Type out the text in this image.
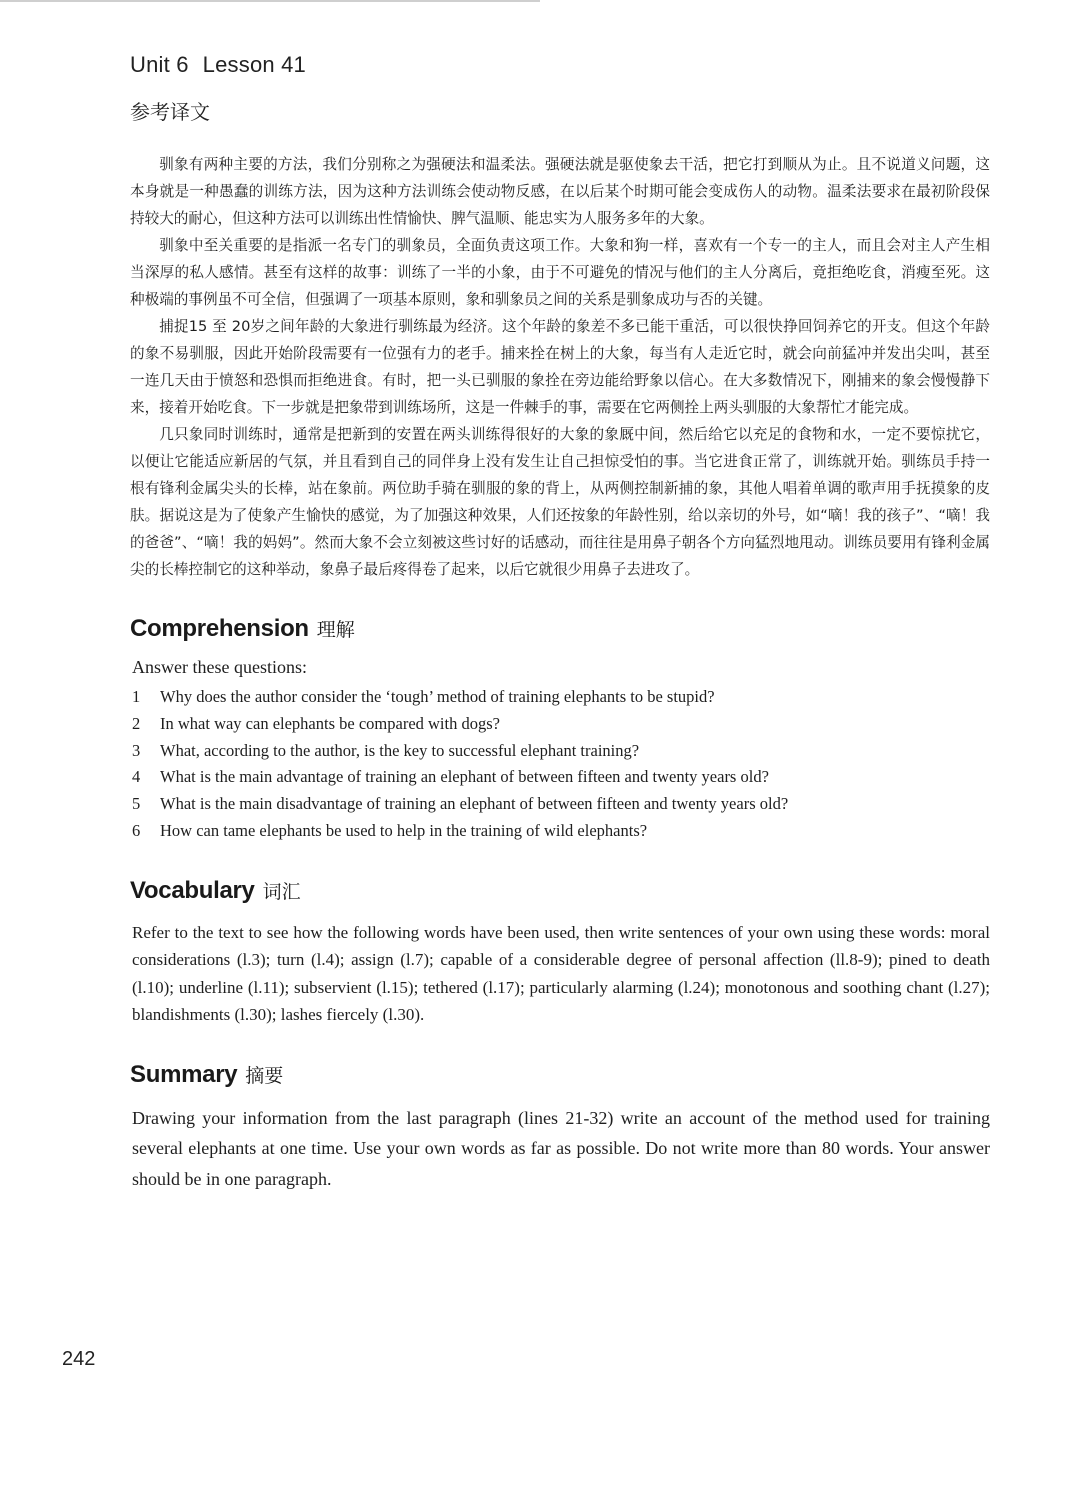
Unit 6 Lesson 41
参考译文

驯象有两种主要的方法，我们分别称之为强硬法和温柔法。强硬法就是驱使象去干活，把它打到顺从为止。且不说道义问题，这本身就是一种愚蠢的训练方法，因为这种方法训练会使动物反感，在以后某个时期可能会变成伤人的动物。温柔法要求在最初阶段保持较大的耐心，但这种方法可以训练出性情愉快、脾气温顺、能忠实为人服务多年的大象。

驯象中至关重要的是指派一名专门的驯象员，全面负责这项工作。大象和狗一样，喜欢有一个专一的主人，而且会对主人产生相当深厚的私人感情。甚至有这样的故事：训练了一半的小象，由于不可避免的情况与他们的主人分离后，竟拒绝吃食，消瘦至死。这种极端的事例虽不可全信，但强调了一项基本原则，象和驯象员之间的关系是驯象成功与否的关键。

捕捉15 至 20岁之间年龄的大象进行驯练最为经济。这个年龄的象差不多已能干重活，可以很快挣回饲养它的开支。但这个年龄的象不易驯服，因此开始阶段需要有一位强有力的老手。捕来拴在树上的大象，每当有人走近它时，就会向前猛冲并发出尖叫，甚至一连几天由于愤怒和恐惧而拒绝进食。有时，把一头已驯服的象拴在旁边能给野象以信心。在大多数情况下，刚捕来的象会慢慢静下来，接着开始吃食。下一步就是把象带到训练场所，这是一件棘手的事，需要在它两侧拴上两头驯服的大象帮忙才能完成。

几只象同时训练时，通常是把新到的安置在两头训练得很好的大象的象厩中间，然后给它以充足的食物和水，一定不要惊扰它，以便让它能适应新居的气氛，并且看到自己的同伴身上没有发生让自己担惊受怕的事。当它进食正常了，训练就开始。驯练员手持一根有锋利金属尖头的长棒，站在象前。两位助手骑在驯服的象的背上，从两侧控制新捕的象，其他人唱着单调的歌声用手抚摸象的皮肤。据说这是为了使象产生愉快的感觉，为了加强这种效果，人们还按象的年龄性别，给以亲切的外号，如“嘀！我的孩子”、“嘀！我的爸爸”、“嘀！我的妈妈”。然而大象不会立刻被这些讨好的话感动，而往往是用鼻子朝各个方向猛烈地甩动。训练员要用有锋利金属尖的长棒控制它的这种举动，象鼻子最后疼得卷了起来，以后它就很少用鼻子去进攻了。

Comprehension 理解
Answer these questions:
1	Why does the author consider the ‘tough’ method of training elephants to be stupid?
2	In what way can elephants be compared with dogs?
3	What, according to the author, is the key to successful elephant training?
4	What is the main advantage of training an elephant of between fifteen and twenty years old?
5	What is the main disadvantage of training an elephant of between fifteen and twenty years old?
6	How can tame elephants be used to help in the training of wild elephants?
Vocabulary 词汇

Refer to the text to see how the following words have been used, then write sentences of your own using these words: moral considerations (l.3); turn (l.4); assign (l.7); capable of a considerable degree of personal affection (ll.8-9); pined to death (l.10); underline (l.11); subservient (l.15); tethered (l.17); particularly alarming (l.24); monotonous and soothing chant (l.27); blandishments (l.30); lashes fiercely (l.30).

Summary 摘要

Drawing your information from the last paragraph (lines 21-32) write an account of the method used for training several elephants at one time. Use your own words as far as possible. Do not write more than 80 words. Your answer should be in one paragraph.

242
